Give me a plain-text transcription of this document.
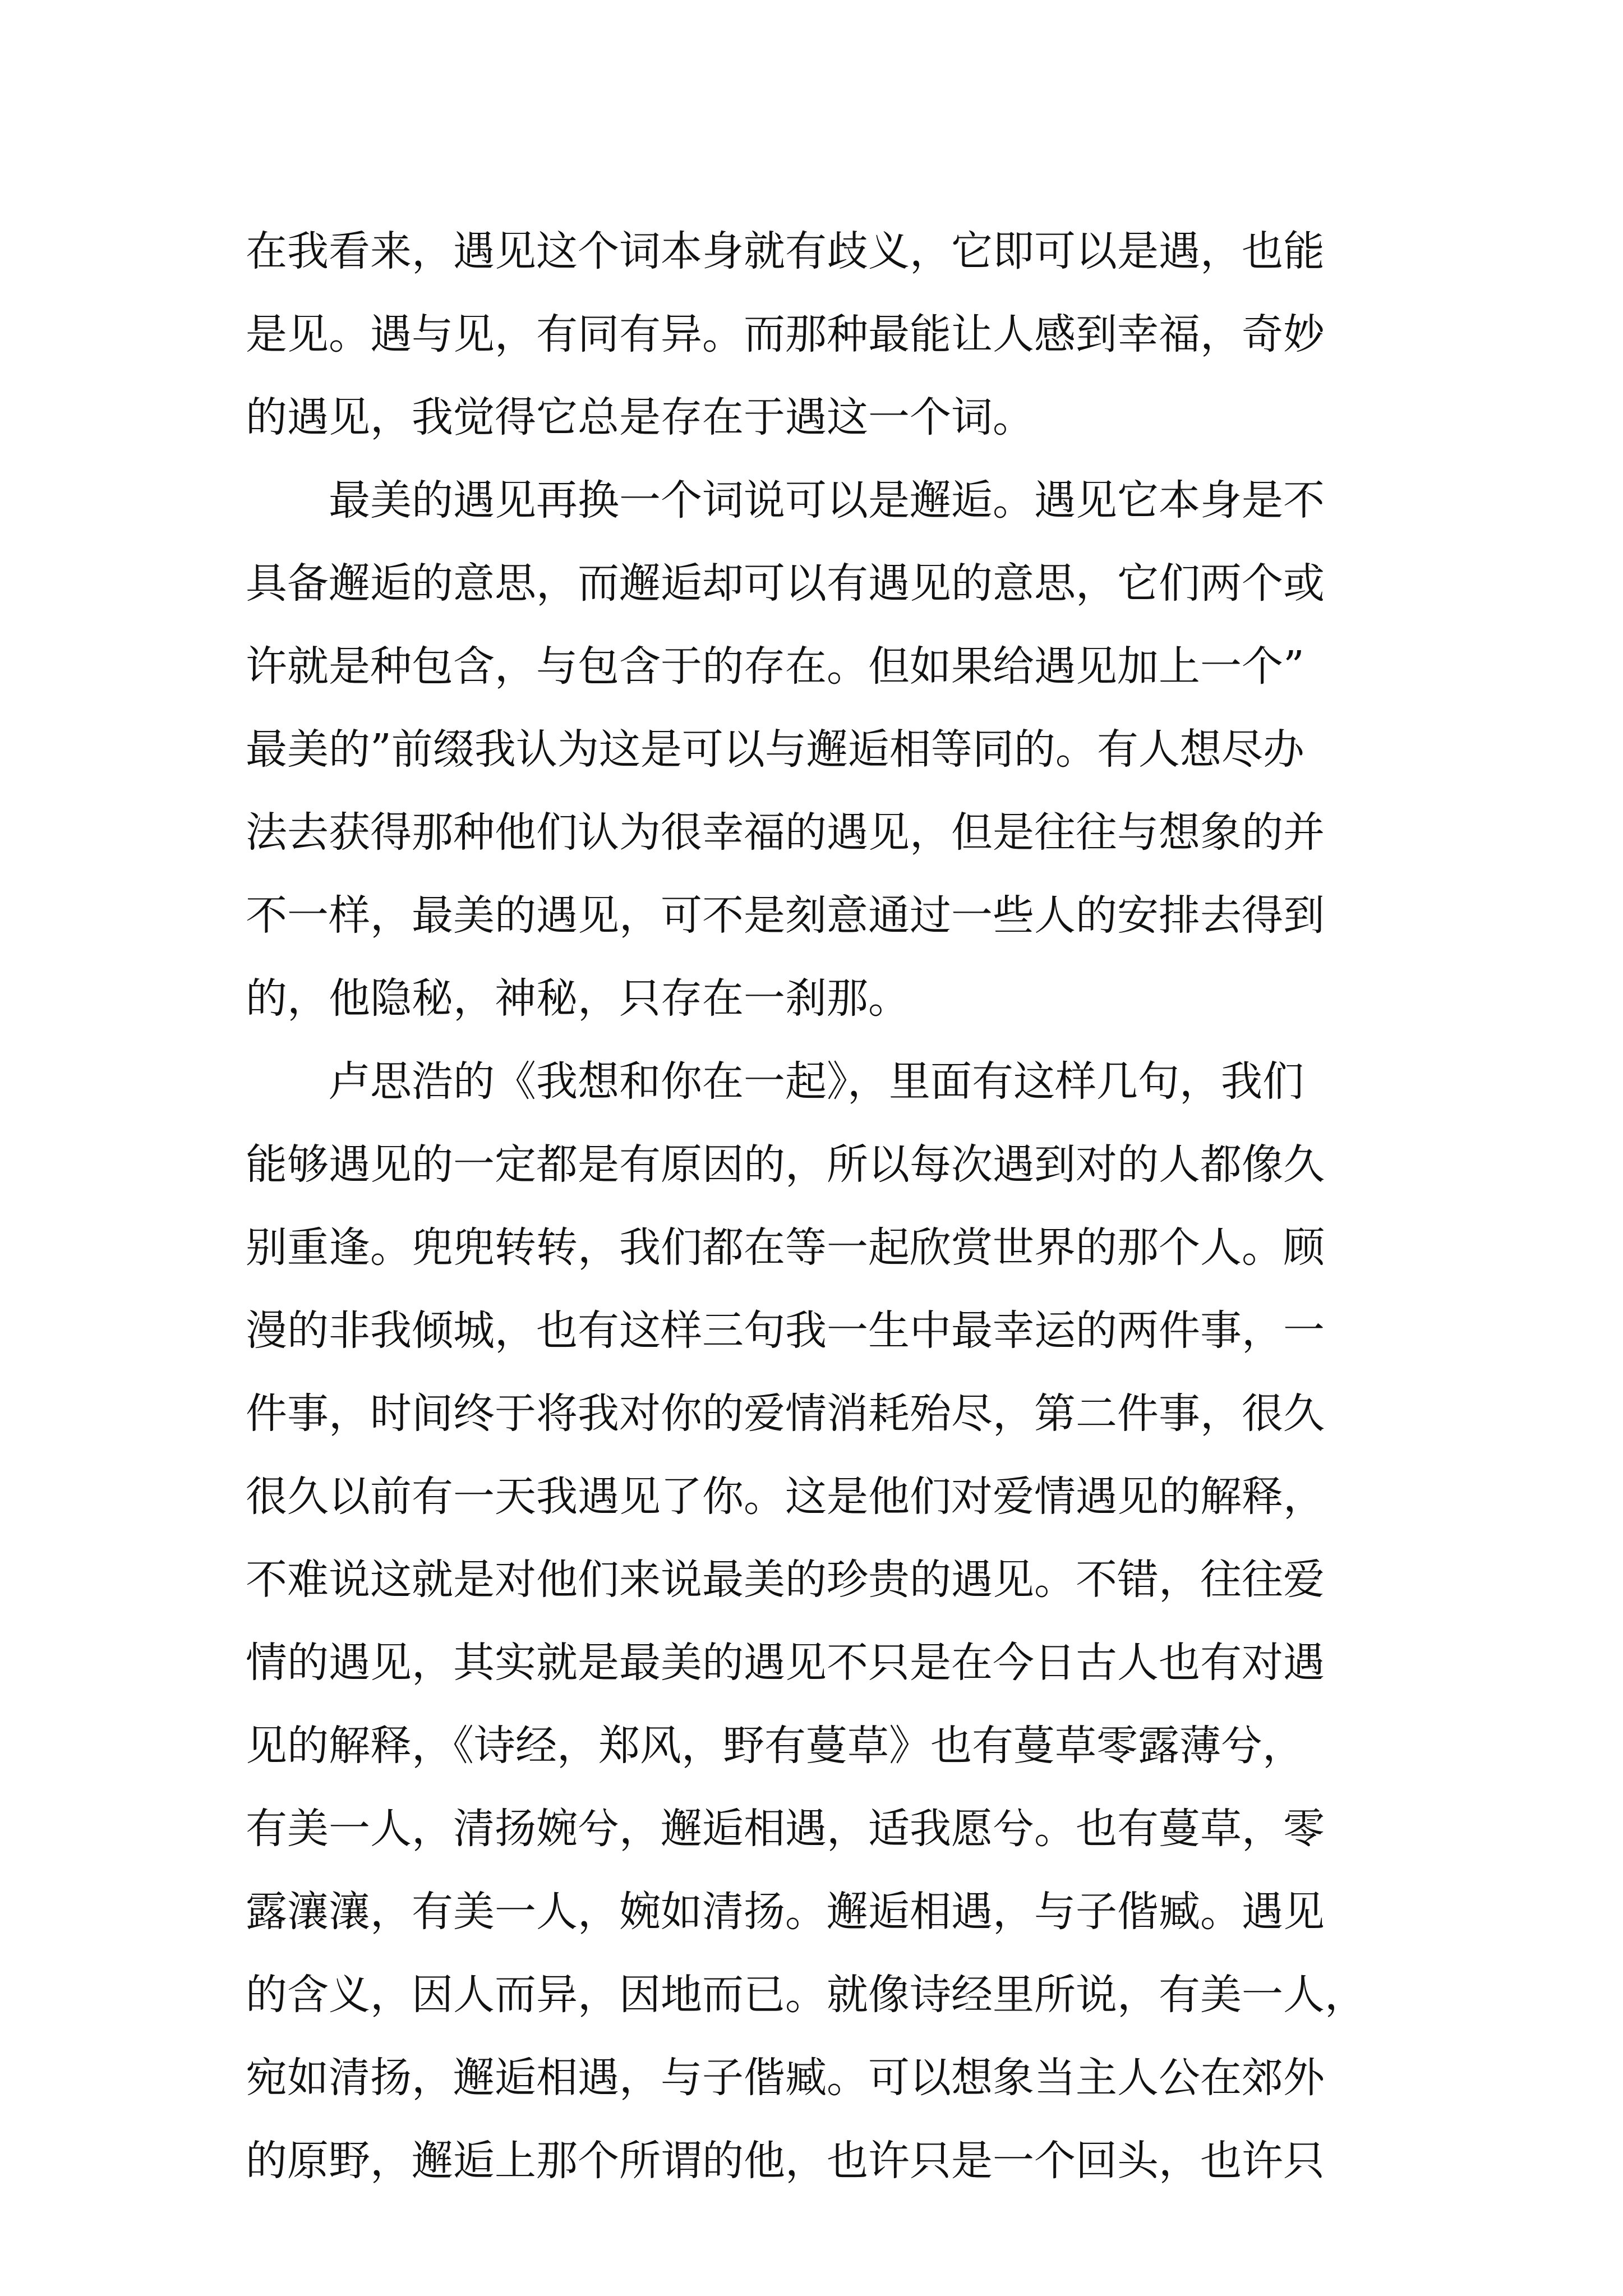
在我看来，遇见这个词本身就有歧义，它即可以是遇，也能
是见。遇与见，有同有异。而那种最能让人感到幸福，奇妙
的遇见，我觉得它总是存在于遇这一个词。
　　最美的遇见再换一个词说可以是邂逅。遇见它本身是不
具备邂逅的意思，而邂逅却可以有遇见的意思，它们两个或
许就是种包含，与包含于的存在。但如果给遇见加上一个”
最美的”前缀我认为这是可以与邂逅相等同的。有人想尽办
法去获得那种他们认为很幸福的遇见，但是往往与想象的并
不一样，最美的遇见，可不是刻意通过一些人的安排去得到
的，他隐秘，神秘，只存在一刹那。
　　卢思浩的《我想和你在一起》，里面有这样几句，我们
能够遇见的一定都是有原因的，所以每次遇到对的人都像久
别重逢。兜兜转转，我们都在等一起欣赏世界的那个人。顾
漫的非我倾城，也有这样三句我一生中最幸运的两件事，一
件事，时间终于将我对你的爱情消耗殆尽，第二件事，很久
很久以前有一天我遇见了你。这是他们对爱情遇见的解释，
不难说这就是对他们来说最美的珍贵的遇见。不错，往往爱
情的遇见，其实就是最美的遇见不只是在今日古人也有对遇
见的解释，《诗经，郑风，野有蔓草》也有蔓草零露薄兮，
有美一人，清扬婉兮，邂逅相遇，适我愿兮。也有蔓草，零
露瀼瀼，有美一人，婉如清扬。邂逅相遇，与子偕臧。遇见
的含义，因人而异，因地而已。就像诗经里所说，有美一人，
宛如清扬，邂逅相遇，与子偕臧。可以想象当主人公在郊外
的原野，邂逅上那个所谓的他，也许只是一个回头，也许只
